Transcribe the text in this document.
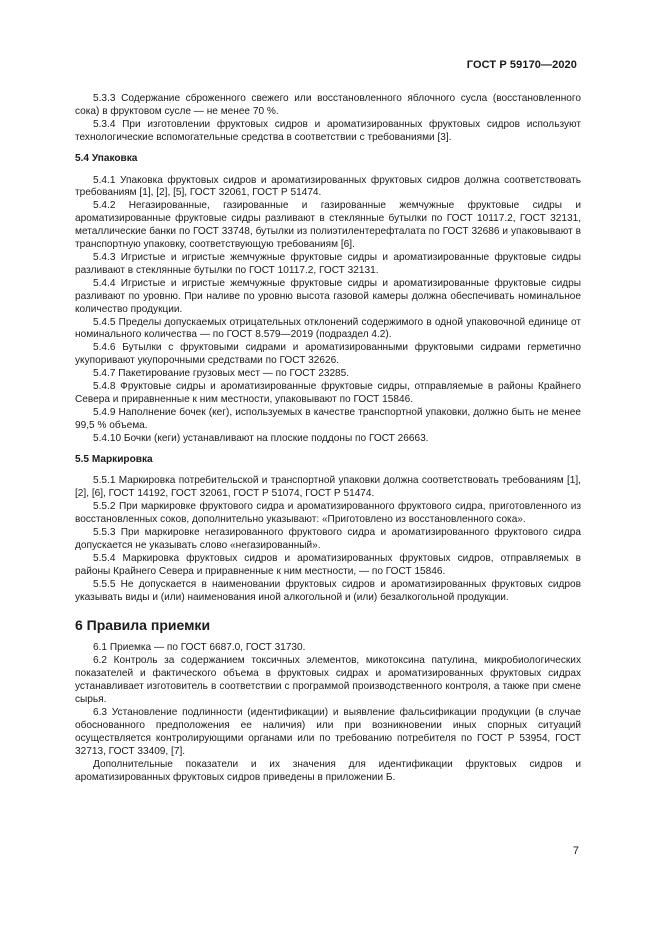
ГОСТ Р 59170—2020

5.3.3 Содержание сброженного свежего или восстановленного яблочного сусла (восстановленного сока) в фруктовом сусле — не менее 70 %.

5.3.4 При изготовлении фруктовых сидров и ароматизированных фруктовых сидров используют технологические вспомогательные средства в соответствии с требованиями [3].

5.4 Упаковка

5.4.1 Упаковка фруктовых сидров и ароматизированных фруктовых сидров должна соответствовать требованиям [1], [2], [5], ГОСТ 32061, ГОСТ Р 51474.

5.4.2 Негазированные, газированные и газированные жемчужные фруктовые сидры и ароматизированные фруктовые сидры разливают в стеклянные бутылки по ГОСТ 10117.2, ГОСТ 32131, металлические банки по ГОСТ 33748, бутылки из полиэтилентерефталата по ГОСТ 32686 и упаковывают в транспортную упаковку, соответствующую требованиям [6].

5.4.3 Игристые и игристые жемчужные фруктовые сидры и ароматизированные фруктовые сидры разливают в стеклянные бутылки по ГОСТ 10117.2, ГОСТ 32131.

5.4.4 Игристые и игристые жемчужные фруктовые сидры и ароматизированные фруктовые сидры разливают по уровню. При наливе по уровню высота газовой камеры должна обеспечивать номинальное количество продукции.

5.4.5 Пределы допускаемых отрицательных отклонений содержимого в одной упаковочной единице от номинального количества — по ГОСТ 8.579—2019 (подраздел 4.2).

5.4.6 Бутылки с фруктовыми сидрами и ароматизированными фруктовыми сидрами герметично укупоривают укупорочными средствами по ГОСТ 32626.

5.4.7 Пакетирование грузовых мест — по ГОСТ 23285.

5.4.8 Фруктовые сидры и ароматизированные фруктовые сидры, отправляемые в районы Крайнего Севера и приравненные к ним местности, упаковывают по ГОСТ 15846.

5.4.9 Наполнение бочек (кег), используемых в качестве транспортной упаковки, должно быть не менее 99,5 % объема.

5.4.10 Бочки (кеги) устанавливают на плоские поддоны по ГОСТ 26663.

5.5 Маркировка

5.5.1 Маркировка потребительской и транспортной упаковки должна соответствовать требованиям [1], [2], [6], ГОСТ 14192, ГОСТ 32061, ГОСТ Р 51074, ГОСТ Р 51474.

5.5.2 При маркировке фруктового сидра и ароматизированного фруктового сидра, приготовленного из восстановленных соков, дополнительно указывают: «Приготовлено из восстановленного сока».

5.5.3 При маркировке негазированного фруктового сидра и ароматизированного фруктового сидра допускается не указывать слово «негазированный».

5.5.4 Маркировка фруктовых сидров и ароматизированных фруктовых сидров, отправляемых в районы Крайнего Севера и приравненные к ним местности, — по ГОСТ 15846.

5.5.5 Не допускается в наименовании фруктовых сидров и ароматизированных фруктовых сидров указывать виды и (или) наименования иной алкогольной и (или) безалкогольной продукции.

6 Правила приемки

6.1 Приемка — по ГОСТ 6687.0, ГОСТ 31730.

6.2 Контроль за содержанием токсичных элементов, микотоксина патулина, микробиологических показателей и фактического объема в фруктовых сидрах и ароматизированных фруктовых сидрах устанавливает изготовитель в соответствии с программой производственного контроля, а также при смене сырья.

6.3 Установление подлинности (идентификации) и выявление фальсификации продукции (в случае обоснованного предположения ее наличия) или при возникновении иных спорных ситуаций осуществляется контролирующими органами или по требованию потребителя по ГОСТ Р 53954, ГОСТ 32713, ГОСТ 33409, [7].

Дополнительные показатели и их значения для идентификации фруктовых сидров и ароматизированных фруктовых сидров приведены в приложении Б.

7
